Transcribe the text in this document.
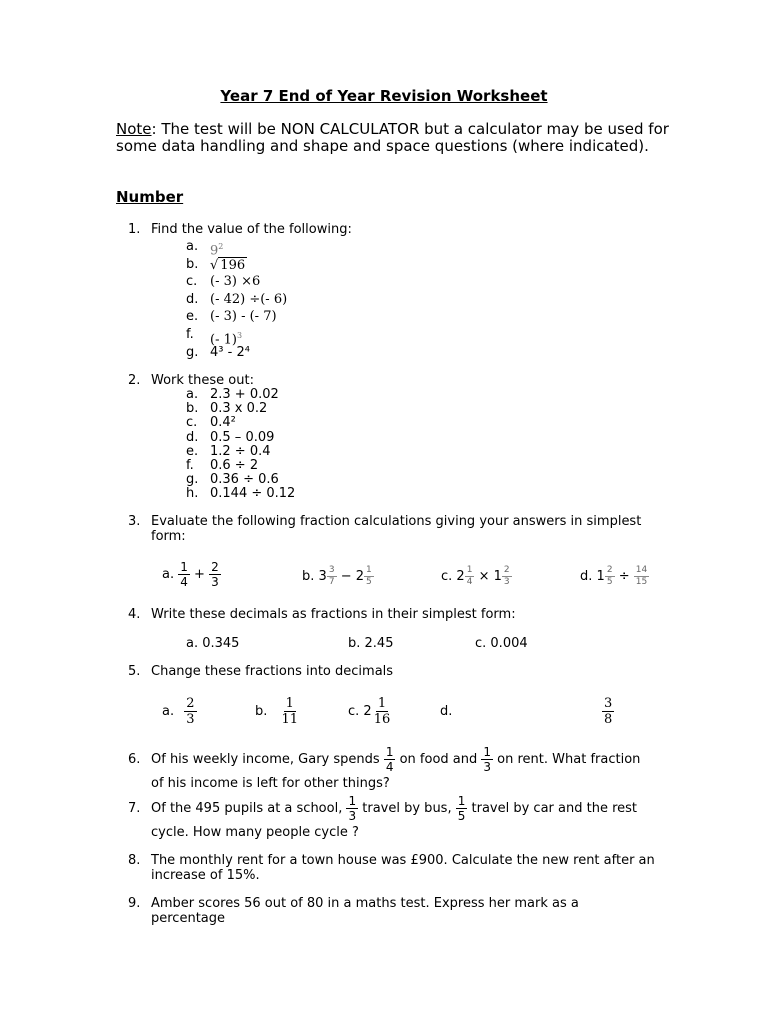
Year 7 End of Year Revision Worksheet
Note: The test will be NON CALCULATOR but a calculator may be used for some data handling and shape and space questions (where indicated).
Number
1. Find the value of the following:
a. $9^2$
b. √ 196
c. (- 3) ×6
d. (- 42) ÷(- 6)
e. (- 3) - (- 7)
f. (- 1)$^3$
g. 4³ - 2⁴
2. Work these out:
a. 2.3 + 0.02
b. 0.3 x 0.2
c. 0.4²
d. 0.5 – 0.09
e. 1.2 ÷ 0.4
f. 0.6 ÷ 2
g. 0.36 ÷ 0.6
h. 0.144 ÷ 0.12
3. Evaluate the following fraction calculations giving your answers in simplest form:
a. $\frac{1}{4} + \frac{2}{3}$	b. $3 \frac{3}{7} - 2 \frac{1}{5}$	c. $2 \frac{1}{4} \times 1 \frac{2}{3}$	d. $1 \frac{2}{5} \div \frac{14}{15}$
4. Write these decimals as fractions in their simplest form:
a. 0.345	b. 2.45	c. 0.004
5. Change these fractions into decimals
a. $\frac{2}{3}$	b. $\frac{1}{11}$	c. $2 \frac{1}{16}$	d.	$\frac{3}{8}$
6. Of his weekly income, Gary spends $\frac{1}{4}$ on food and $\frac{1}{3}$ on rent. What fraction
of his income is left for other things?
7. Of the 495 pupils at a school, $\frac{1}{3}$ travel by bus, $\frac{1}{5}$ travel by car and the rest
cycle. How many people cycle ?
8. The monthly rent for a town house was £900. Calculate the new rent after an increase of 15%.
9. Amber scores 56 out of 80 in a maths test. Express her mark as a percentage
